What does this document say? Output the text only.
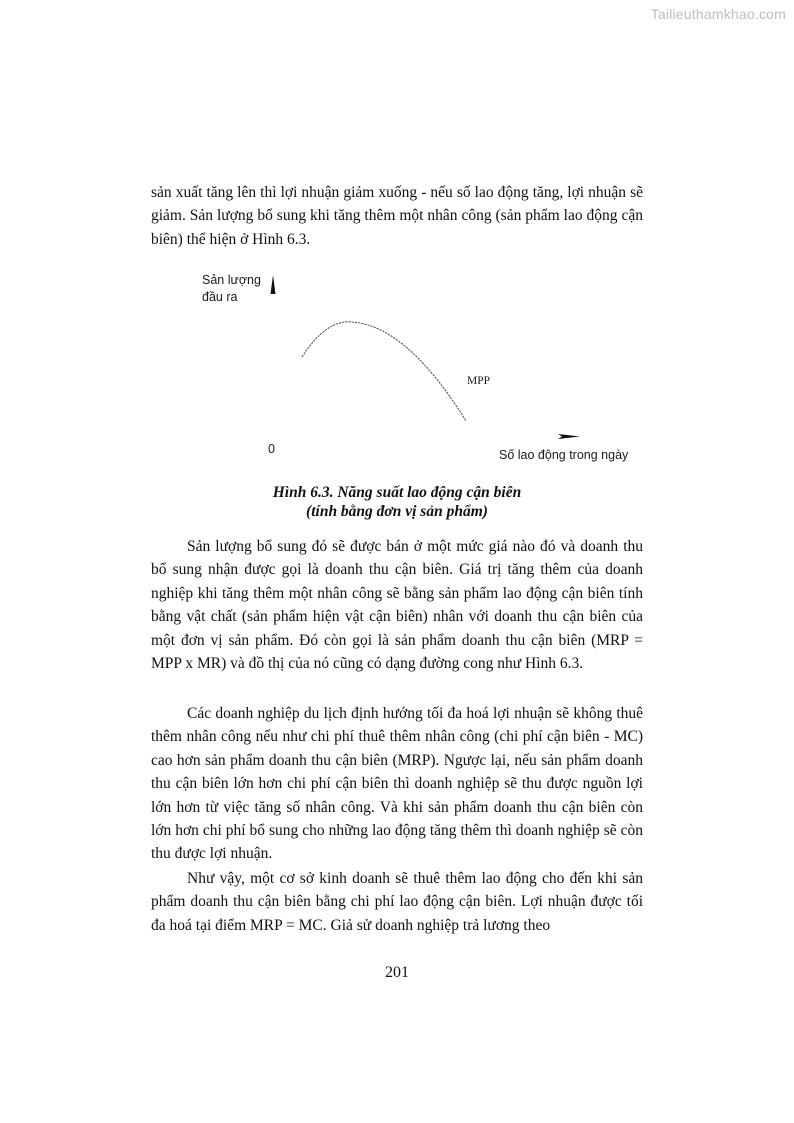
Tailieuthamkhao.com

sản xuất tăng lên thì lợi nhuận giảm xuống - nếu số lao động tăng, lợi nhuận sẽ giảm. Sản lượng bổ sung khi tăng thêm một nhân công (sản phẩm lao động cận biên) thể hiện ở Hình 6.3.

Sản lượng
đầu ra
0	Số lao động trong ngày
MPP
Hình 6.3. Năng suất lao động cận biên
(tính bằng đơn vị sản phẩm)

Sản lượng bổ sung đó sẽ được bán ở một mức giá nào đó và doanh thu bổ sung nhận được gọi là doanh thu cận biên. Giá trị tăng thêm của doanh nghiệp khi tăng thêm một nhân công sẽ bằng sản phẩm lao động cận biên tính bằng vật chất (sản phẩm hiện vật cận biên) nhân với doanh thu cận biên của một đơn vị sản phẩm. Đó còn gọi là sản phẩm doanh thu cận biên (MRP = MPP x MR) và đồ thị của nó cũng có dạng đường cong như Hình 6.3.

Các doanh nghiệp du lịch định hướng tối đa hoá lợi nhuận sẽ không thuê thêm nhân công nếu như chi phí thuê thêm nhân công (chi phí cận biên - MC) cao hơn sản phẩm doanh thu cận biên (MRP). Ngược lại, nếu sản phẩm doanh thu cận biên lớn hơn chi phí cận biên thì doanh nghiệp sẽ thu được nguồn lợi lớn hơn từ việc tăng số nhân công. Và khi sản phẩm doanh thu cận biên còn lớn hơn chi phí bổ sung cho những lao động tăng thêm thì doanh nghiệp sẽ còn thu được lợi nhuận.

Như vậy, một cơ sở kinh doanh sẽ thuê thêm lao động cho đến khi sản phẩm doanh thu cận biên bằng chi phí lao động cận biên. Lợi nhuận được tối đa hoá tại điểm MRP = MC. Giả sử doanh nghiệp trả lương theo

201
